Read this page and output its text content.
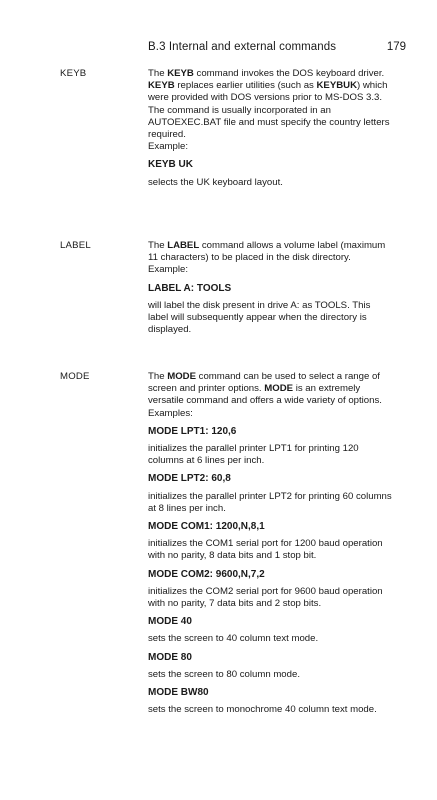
B.3 Internal and external commands	179
KEYB	The KEYB command invokes the DOS keyboard driver. KEYB replaces earlier utilities (such as KEYBUK) which were provided with DOS versions prior to MS-DOS 3.3. The command is usually incorporated in an AUTOEXEC.BAT file and must specify the country letters required.

Example:

KEYB UK

selects the UK keyboard layout.

LABEL	The LABEL command allows a volume label (maximum 11 characters) to be placed in the disk directory.

Example:

LABEL A: TOOLS

will label the disk present in drive A: as TOOLS. This label will subsequently appear when the directory is displayed.

MODE	The MODE command can be used to select a range of screen and printer options. MODE is an extremely versatile command and offers a wide variety of options.

Examples:

MODE LPT1: 120,6

initializes the parallel printer LPT1 for printing 120 columns at 6 lines per inch.

MODE LPT2: 60,8

initializes the parallel printer LPT2 for printing 60 columns at 8 lines per inch.

MODE COM1: 1200,N,8,1

initializes the COM1 serial port for 1200 baud operation with no parity, 8 data bits and 1 stop bit.

MODE COM2: 9600,N,7,2

initializes the COM2 serial port for 9600 baud operation with no parity, 7 data bits and 2 stop bits.

MODE 40

sets the screen to 40 column text mode.

MODE 80

sets the screen to 80 column mode.

MODE BW80

sets the screen to monochrome 40 column text mode.
